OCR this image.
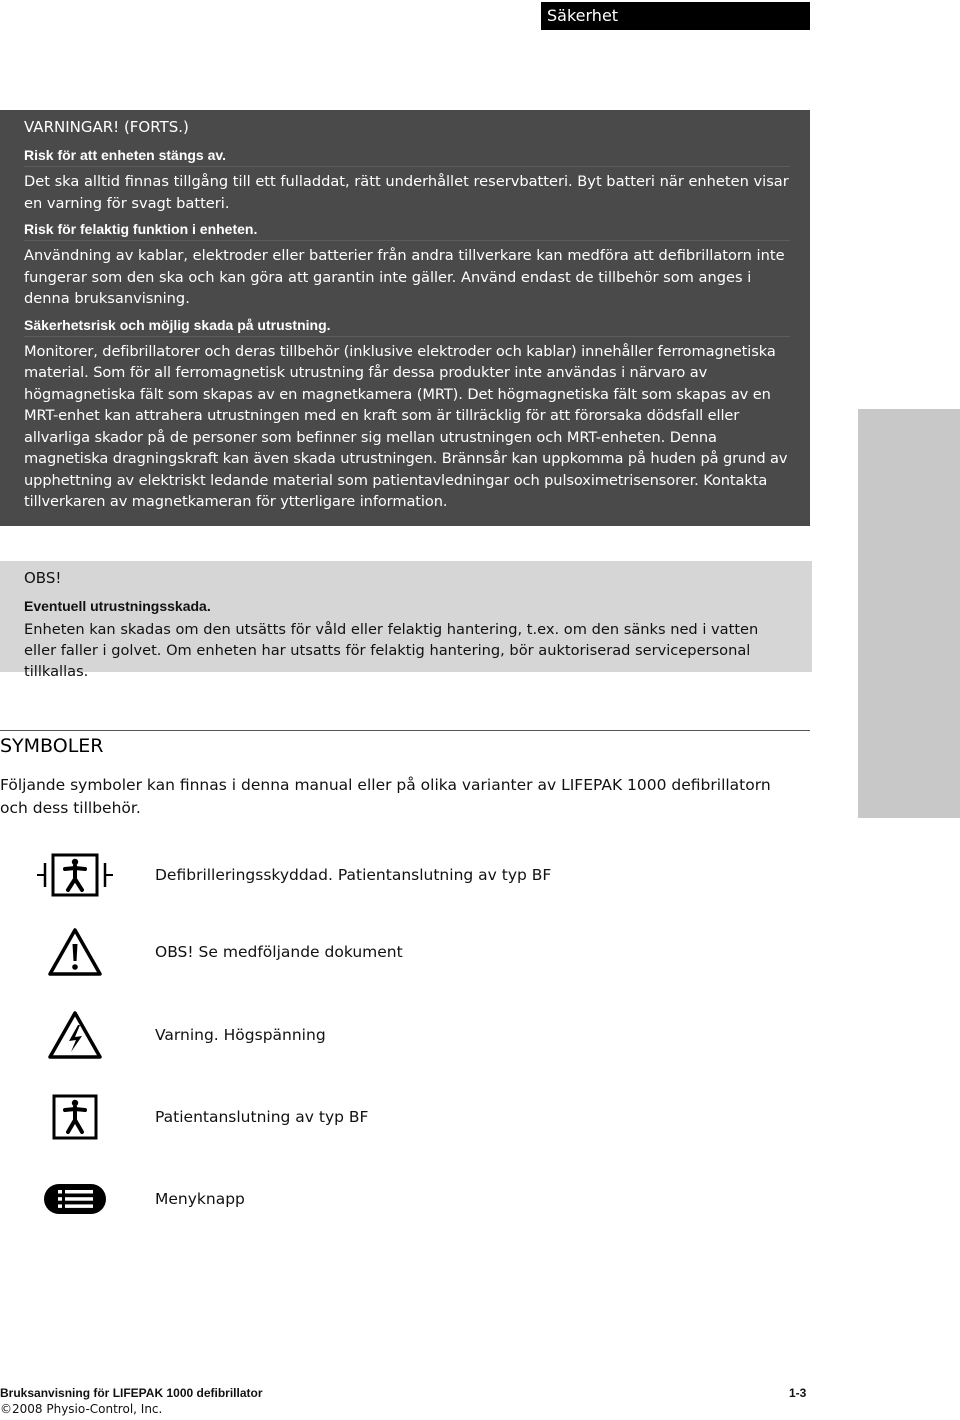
Säkerhet
VARNINGAR! (FORTS.)
Risk för att enheten stängs av.

Det ska alltid finnas tillgång till ett fulladdat, rätt underhållet reservbatteri. Byt batteri när enheten visar en varning för svagt batteri.

Risk för felaktig funktion i enheten.

Användning av kablar, elektroder eller batterier från andra tillverkare kan medföra att defibrillatorn inte fungerar som den ska och kan göra att garantin inte gäller. Använd endast de tillbehör som anges i denna bruksanvisning.

Säkerhetsrisk och möjlig skada på utrustning.

Monitorer, defibrillatorer och deras tillbehör (inklusive elektroder och kablar) innehåller ferromagnetiska material. Som för all ferromagnetisk utrustning får dessa produkter inte användas i närvaro av högmagnetiska fält som skapas av en magnetkamera (MRT). Det högmagnetiska fält som skapas av en MRT-enhet kan attrahera utrustningen med en kraft som är tillräcklig för att förorsaka dödsfall eller allvarliga skador på de personer som befinner sig mellan utrustningen och MRT-enheten. Denna magnetiska dragningskraft kan även skada utrustningen. Brännsår kan uppkomma på huden på grund av upphettning av elektriskt ledande material som patientavledningar och pulsoximetrisensorer. Kontakta tillverkaren av magnetkameran för ytterligare information.

OBS!
Eventuell utrustningsskada.

Enheten kan skadas om den utsätts för våld eller felaktig hantering, t.ex. om den sänks ned i vatten eller faller i golvet. Om enheten har utsatts för felaktig hantering, bör auktoriserad servicepersonal tillkallas.

SYMBOLER
Följande symboler kan finnas i denna manual eller på olika varianter av LIFEPAK 1000 defibrillatorn och dess tillbehör.
Defibrilleringsskyddad. Patientanslutning av typ BF
OBS! Se medföljande dokument
Varning. Högspänning
Patientanslutning av typ BF
Menyknapp
Bruksanvisning för LIFEPAK 1000 defibrillator
©2008 Physio-Control, Inc.
1-3
